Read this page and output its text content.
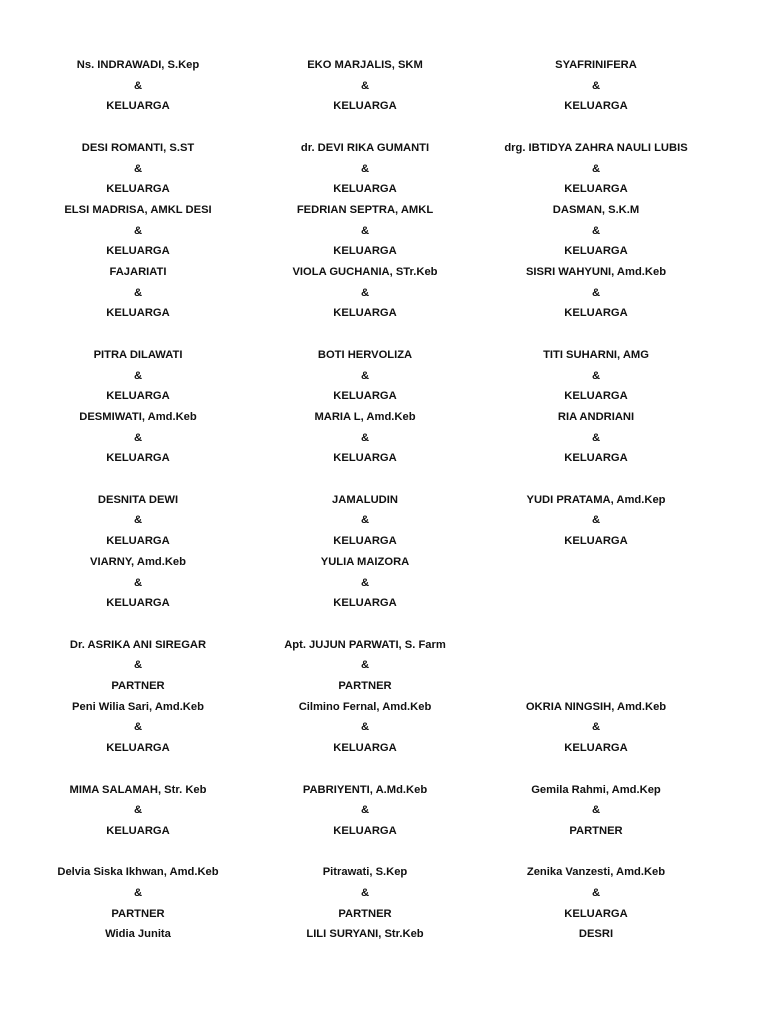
Ns. INDRAWADI, S.Kep
&
KELUARGA
DESI ROMANTI, S.ST
&
KELUARGA
ELSI MADRISA, AMKL DESI
&
KELUARGA
FAJARIATI
&
KELUARGA
PITRA DILAWATI
&
KELUARGA
DESMIWATI, Amd.Keb
&
KELUARGA
DESNITA DEWI
&
KELUARGA
VIARNY, Amd.Keb
&
KELUARGA
Dr. ASRIKA ANI SIREGAR
&
PARTNER
Peni Wilia Sari, Amd.Keb
&
KELUARGA
MIMA SALAMAH, Str. Keb
&
KELUARGA
Delvia Siska Ikhwan, Amd.Keb
&
PARTNER
Widia Junita
EKO MARJALIS, SKM
&
KELUARGA
dr. DEVI RIKA GUMANTI
&
KELUARGA
FEDRIAN SEPTRA, AMKL
&
KELUARGA
VIOLA GUCHANIA, STr.Keb
&
KELUARGA
BOTI HERVOLIZA
&
KELUARGA
MARIA L, Amd.Keb
&
KELUARGA
JAMALUDIN
&
KELUARGA
YULIA MAIZORA
&
KELUARGA
Apt. JUJUN PARWATI, S. Farm
&
PARTNER
Cilmino Fernal, Amd.Keb
&
KELUARGA
PABRIYENTI, A.Md.Keb
&
KELUARGA
Pitrawati, S.Kep
&
PARTNER
LILI SURYANI, Str.Keb
SYAFRINIFERA
&
KELUARGA
drg. IBTIDYA ZAHRA NAULI LUBIS
&
KELUARGA
DASMAN, S.K.M
&
KELUARGA
SISRI WAHYUNI, Amd.Keb
&
KELUARGA
TITI SUHARNI, AMG
&
KELUARGA
RIA ANDRIANI
&
KELUARGA
YUDI PRATAMA, Amd.Kep
&
KELUARGA
OKRIA NINGSIH, Amd.Keb
&
KELUARGA
Gemila Rahmi, Amd.Kep
&
PARTNER
Zenika Vanzesti, Amd.Keb
&
KELUARGA
DESRI
